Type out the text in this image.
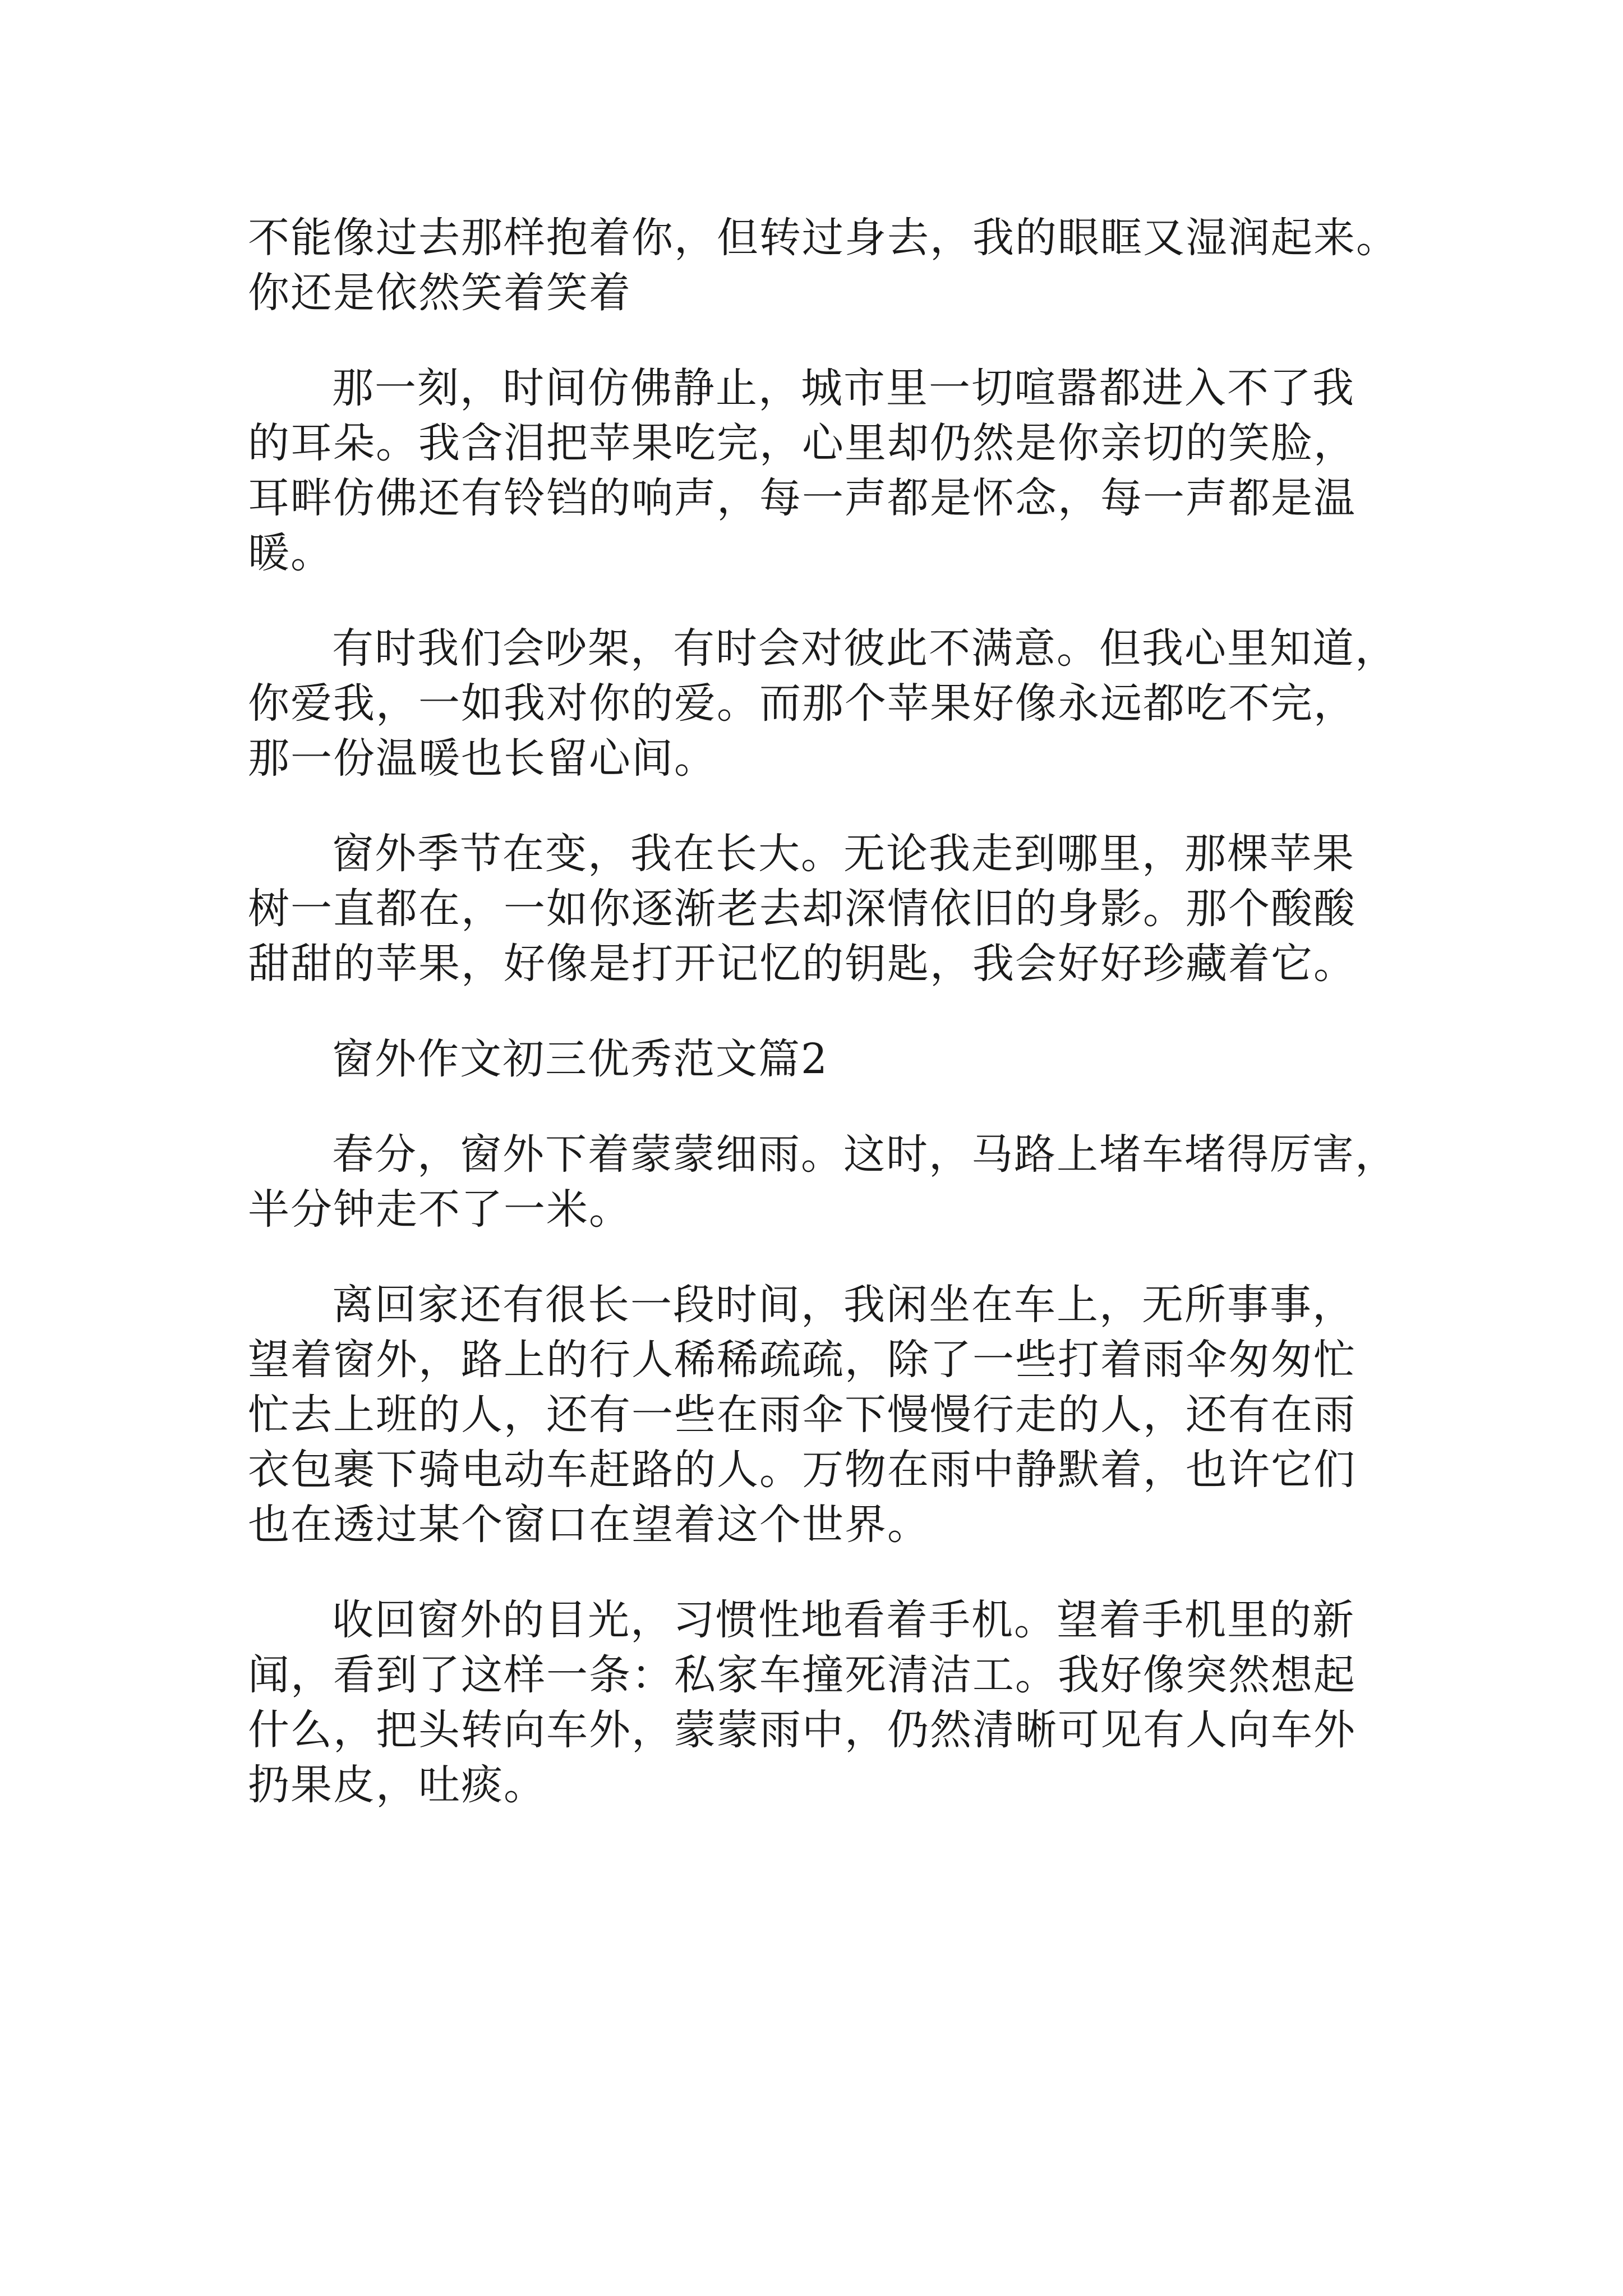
不能像过去那样抱着你，但转过身去，我的眼眶又湿润起来。
你还是依然笑着笑着

那一刻，时间仿佛静止，城市里一切喧嚣都进入不了我
的耳朵。我含泪把苹果吃完，心里却仍然是你亲切的笑脸，
耳畔仿佛还有铃铛的响声，每一声都是怀念，每一声都是温
暖。

有时我们会吵架，有时会对彼此不满意。但我心里知道，
你爱我，一如我对你的爱。而那个苹果好像永远都吃不完，
那一份温暖也长留心间。

窗外季节在变，我在长大。无论我走到哪里，那棵苹果
树一直都在，一如你逐渐老去却深情依旧的身影。那个酸酸
甜甜的苹果，好像是打开记忆的钥匙，我会好好珍藏着它。

窗外作文初三优秀范文篇2

春分，窗外下着蒙蒙细雨。这时，马路上堵车堵得厉害，
半分钟走不了一米。

离回家还有很长一段时间，我闲坐在车上，无所事事，
望着窗外，路上的行人稀稀疏疏，除了一些打着雨伞匆匆忙
忙去上班的人，还有一些在雨伞下慢慢行走的人，还有在雨
衣包裹下骑电动车赶路的人。万物在雨中静默着，也许它们
也在透过某个窗口在望着这个世界。

收回窗外的目光，习惯性地看着手机。望着手机里的新
闻，看到了这样一条：私家车撞死清洁工。我好像突然想起
什么，把头转向车外，蒙蒙雨中，仍然清晰可见有人向车外
扔果皮，吐痰。
